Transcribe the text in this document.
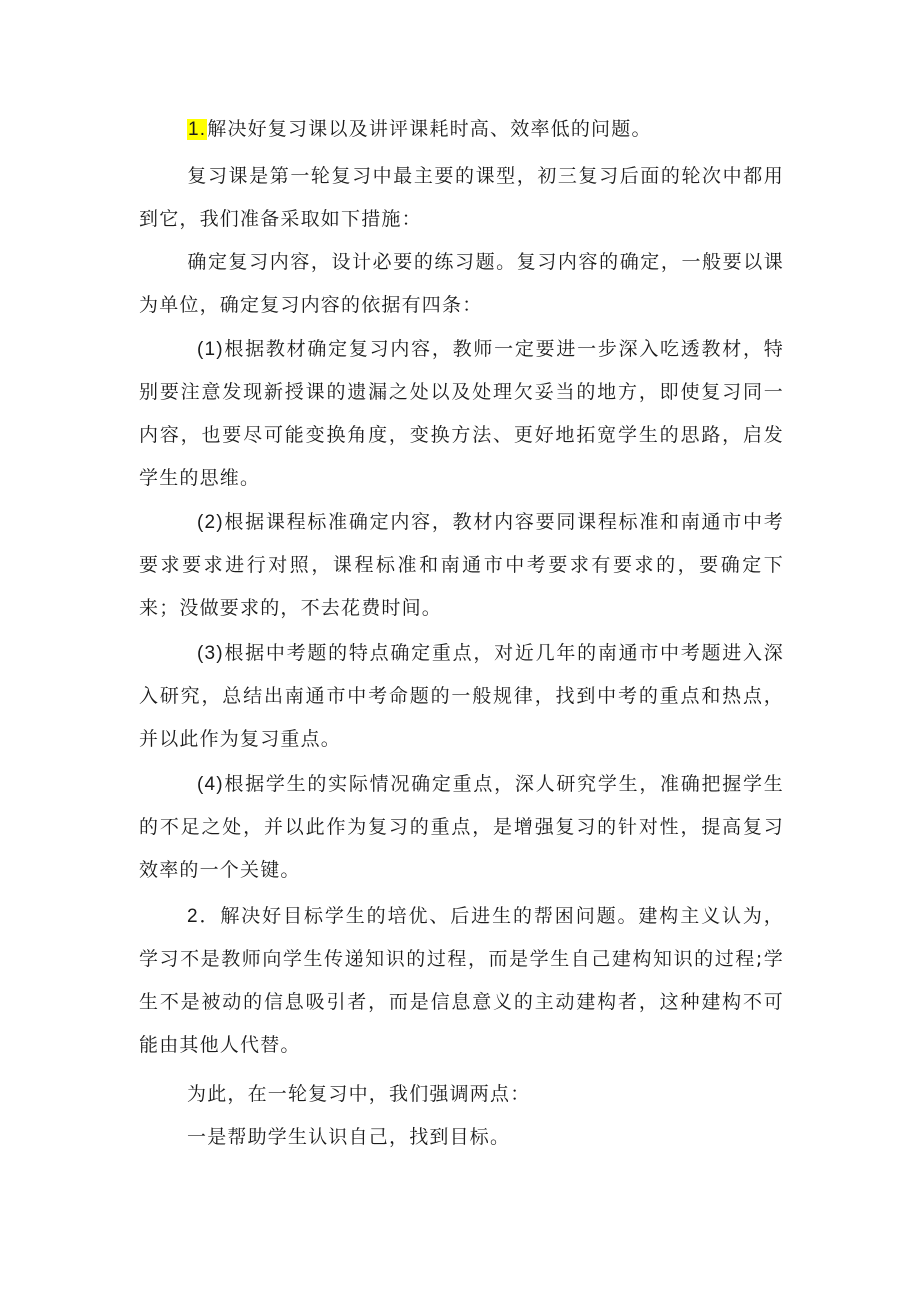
1.解决好复习课以及讲评课耗时高、效率低的问题。

复习课是第一轮复习中最主要的课型，初三复习后面的轮次中都用到它，我们准备采取如下措施：

确定复习内容，设计必要的练习题。复习内容的确定，一般要以课为单位，确定复习内容的依据有四条：

(1)根据教材确定复习内容，教师一定要进一步深入吃透教材，特别要注意发现新授课的遗漏之处以及处理欠妥当的地方，即使复习同一内容，也要尽可能变换角度，变换方法、更好地拓宽学生的思路，启发学生的思维。

(2)根据课程标准确定内容，教材内容要同课程标准和南通市中考要求要求进行对照，课程标准和南通市中考要求有要求的，要确定下来；没做要求的，不去花费时间。

(3)根据中考题的特点确定重点，对近几年的南通市中考题进入深入研究，总结出南通市中考命题的一般规律，找到中考的重点和热点，并以此作为复习重点。

(4)根据学生的实际情况确定重点，深人研究学生，准确把握学生的不足之处，并以此作为复习的重点，是增强复习的针对性，提高复习效率的一个关键。

2．解决好目标学生的培优、后进生的帮困问题。建构主义认为，学习不是教师向学生传递知识的过程，而是学生自己建构知识的过程;学生不是被动的信息吸引者，而是信息意义的主动建构者，这种建构不可能由其他人代替。

为此，在一轮复习中，我们强调两点：

一是帮助学生认识自己，找到目标。
